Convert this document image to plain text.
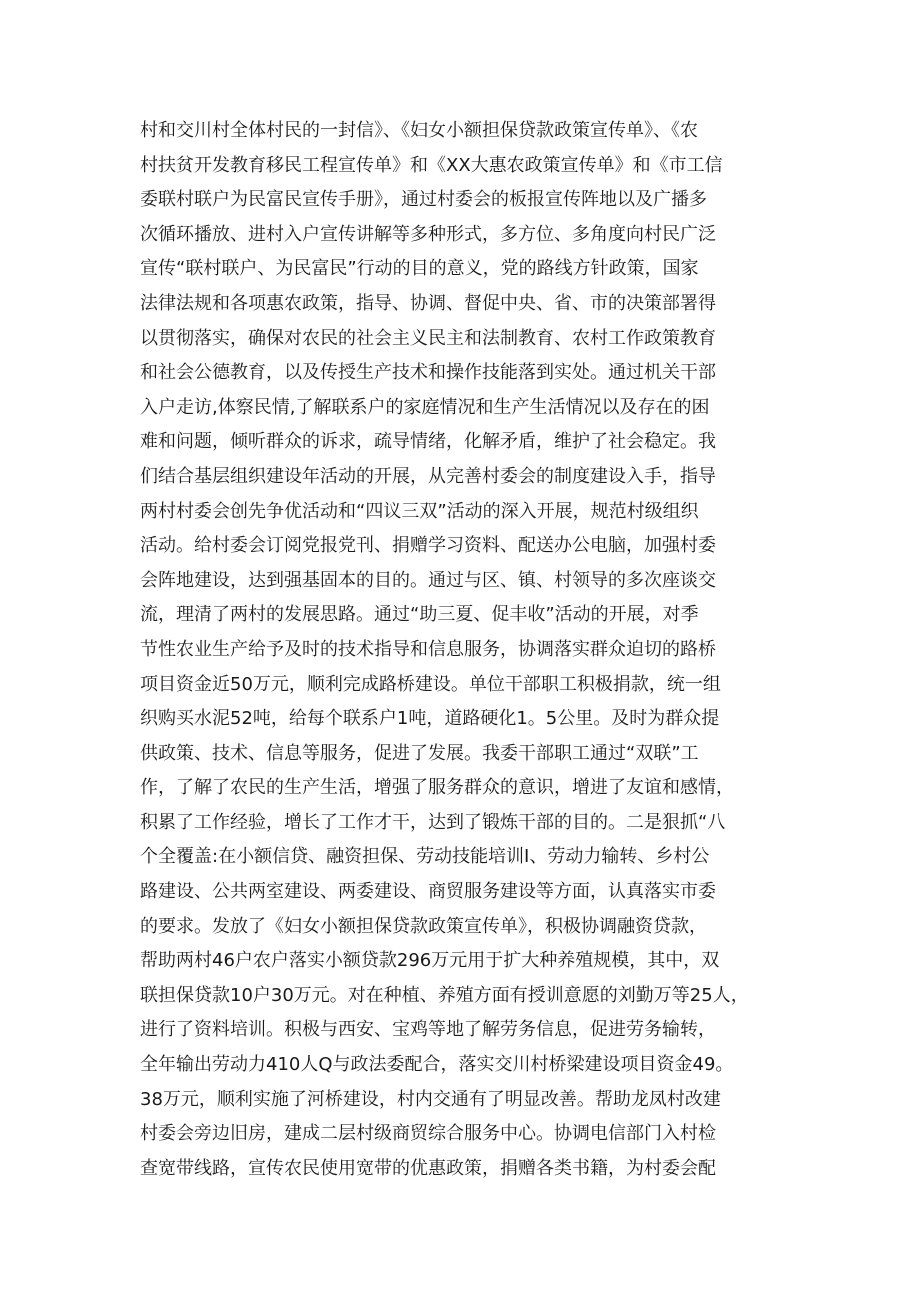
村和交川村全体村民的一封信》、《妇女小额担保贷款政策宣传单》、《农
村扶贫开发教育移民工程宣传单》和《XX大惠农政策宣传单》和《市工信
委联村联户为民富民宣传手册》，通过村委会的板报宣传阵地以及广播多
次循环播放、进村入户宣传讲解等多种形式，多方位、多角度向村民广泛
宣传“联村联户、为民富民”行动的目的意义，党的路线方针政策，国家
法律法规和各项惠农政策，指导、协调、督促中央、省、市的决策部署得
以贯彻落实，确保对农民的社会主义民主和法制教育、农村工作政策教育
和社会公德教育，以及传授生产技术和操作技能落到实处。通过机关干部
入户走访,体察民情,了解联系户的家庭情况和生产生活情况以及存在的困
难和问题，倾听群众的诉求，疏导情绪，化解矛盾，维护了社会稳定。我
们结合基层组织建设年活动的开展，从完善村委会的制度建设入手，指导
两村村委会创先争优活动和“四议三双”活动的深入开展，规范村级组织
活动。给村委会订阅党报党刊、捐赠学习资料、配送办公电脑，加强村委
会阵地建设，达到强基固本的目的。通过与区、镇、村领导的多次座谈交
流，理清了两村的发展思路。通过“助三夏、促丰收”活动的开展，对季
节性农业生产给予及时的技术指导和信息服务，协调落实群众迫切的路桥
项目资金近50万元，顺利完成路桥建设。单位干部职工积极捐款，统一组
织购买水泥52吨，给每个联系户1吨，道路硬化1。5公里。及时为群众提
供政策、技术、信息等服务，促进了发展。我委干部职工通过“双联”工
作，了解了农民的生产生活，增强了服务群众的意识，增进了友谊和感情，
积累了工作经验，增长了工作才干，达到了锻炼干部的目的。二是狠抓“八
个全覆盖:在小额信贷、融资担保、劳动技能培训I、劳动力输转、乡村公
路建设、公共两室建设、两委建设、商贸服务建设等方面，认真落实市委
的要求。发放了《妇女小额担保贷款政策宣传单》，积极协调融资贷款，
帮助两村46户农户落实小额贷款296万元用于扩大种养殖规模，其中，双
联担保贷款10户30万元。对在种植、养殖方面有授训意愿的刘勤万等25人，
进行了资料培训。积极与西安、宝鸡等地了解劳务信息，促进劳务输转，
全年输出劳动力410人Q与政法委配合，落实交川村桥梁建设项目资金49。
38万元，顺利实施了河桥建设，村内交通有了明显改善。帮助龙凤村改建
村委会旁边旧房，建成二层村级商贸综合服务中心。协调电信部门入村检
查宽带线路，宣传农民使用宽带的优惠政策，捐赠各类书籍，为村委会配
